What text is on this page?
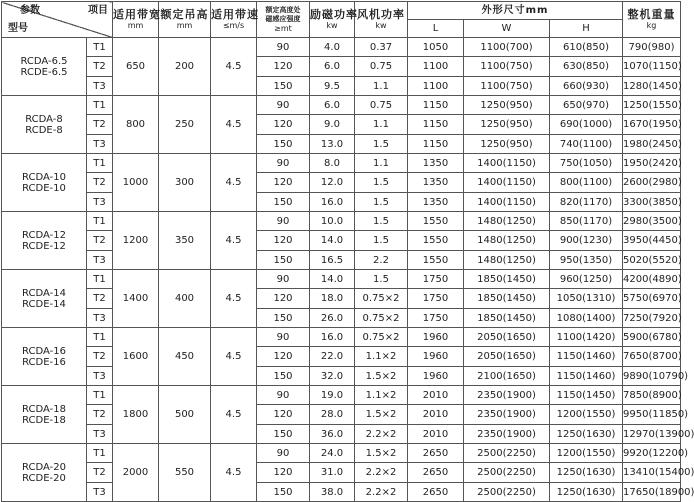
参数 项目
型号		适用带宽
mm	额定吊高
mm	适用带速
≤m/s	额定高度处
磁感应强度
≥mt	励磁功率
kw	风机功率
kw	外形尺寸mm			整机重量
kg

								L	W	H	

RCDA-6.5
RCDE-6.5	T1	650	200	4.5	90	4.0	0.37	1050	1100(700)	610(850)	790(980)
	T2				120	6.0	0.75	1100	1100(750)	630(850)	1070(1150)
	T3				150	9.5	1.1	1100	1100(750)	660(930)	1280(1450)

RCDA-8
RCDE-8	T1	800	250	4.5	90	6.0	0.75	1150	1250(950)	650(970)	1250(1550)
	T2				120	9.0	1.1	1150	1250(950)	690(1000)	1670(1950)
	T3				150	13.0	1.5	1150	1250(950)	740(1100)	1980(2450)

RCDA-10
RCDE-10	T1	1000	300	4.5	90	8.0	1.1	1350	1400(1150)	750(1050)	1950(2420)
	T2				120	12.0	1.5	1350	1400(1150)	800(1100)	2600(2980)
	T3				150	16.0	1.5	1350	1400(1150)	820(1170)	3300(3850)

RCDA-12
RCDE-12	T1	1200	350	4.5	90	10.0	1.5	1550	1480(1250)	850(1170)	2980(3500)
	T2				120	14.0	1.5	1550	1480(1250)	900(1230)	3950(4450)
	T3				150	16.5	2.2	1550	1480(1250)	950(1350)	5020(5520)

RCDA-14
RCDE-14	T1	1400	400	4.5	90	14.0	1.5	1750	1850(1450)	960(1250)	4200(4890)
	T2				120	18.0	0.75×2	1750	1850(1450)	1050(1310)	5750(6970)
	T3				150	26.0	0.75×2	1750	1850(1450)	1080(1400)	7250(7920)

RCDA-16
RCDE-16	T1	1600	450	4.5	90	16.0	0.75×2	1960	2050(1650)	1100(1420)	5900(6780)
	T2				120	22.0	1.1×2	1960	2050(1650)	1150(1460)	7650(8700)
	T3				150	32.0	1.5×2	1960	2100(1650)	1150(1460)	9890(10790)

RCDA-18
RCDE-18	T1	1800	500	4.5	90	19.0	1.1×2	2010	2350(1900)	1150(1450)	7850(8900)
	T2				120	28.0	1.5×2	2010	2350(1900)	1200(1550)	9950(11850)
	T3				150	36.0	2.2×2	2010	2350(1900)	1250(1630)	12970(13900)

RCDA-20
RCDE-20	T1	2000	550	4.5	90	24.0	1.5×2	2650	2500(2250)	1200(1550)	9920(12200)
	T2				120	31.0	2.2×2	2650	2500(2250)	1250(1630)	13410(15400)
	T3				150	38.0	2.2×2	2650	2500(2250)	1250(1630)	17650(18900)
